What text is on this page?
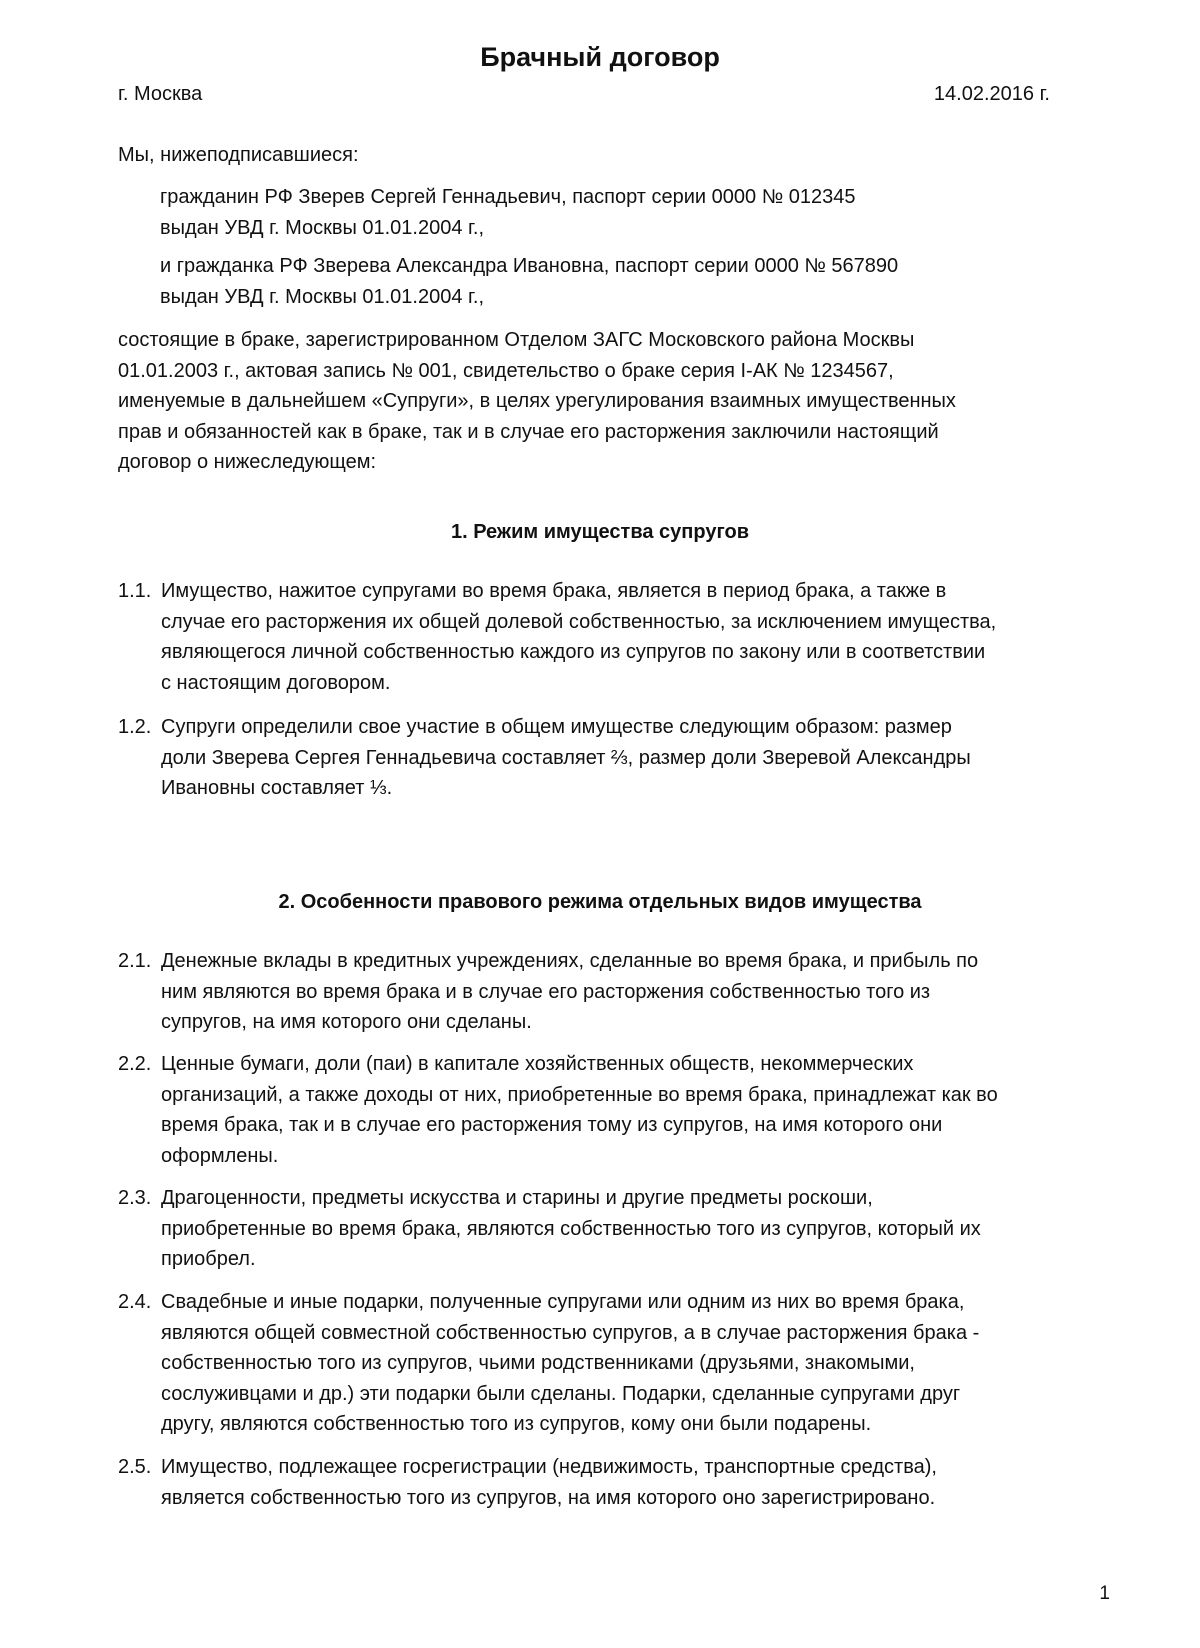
Брачный договор
г. Москва	14.02.2016 г.

Мы, нижеподписавшиеся:

гражданин РФ Зверев Сергей Геннадьевич, паспорт серии 0000 № 012345
выдан УВД г. Москвы 01.01.2004 г.,
и гражданка РФ Зверева Александра Ивановна, паспорт серии 0000 № 567890
выдан УВД г. Москвы 01.01.2004 г.,
состоящие в браке, зарегистрированном Отделом ЗАГС Московского района Москвы
01.01.2003 г., актовая запись № 001, свидетельство о браке серия I-АК № 1234567,
именуемые в дальнейшем «Супруги», в целях урегулирования взаимных имущественных
прав и обязанностей как в браке, так и в случае его расторжения заключили настоящий
договор о нижеследующем:
1. Режим имущества супругов
1.1. Имущество, нажитое супругами во время брака, является в период брака, а также в
случае его расторжения их общей долевой собственностью, за исключением имущества,
являющегося личной собственностью каждого из супругов по закону или в соответствии
с настоящим договором.
1.2. Супруги определили свое участие в общем имуществе следующим образом: размер
доли Зверева Сергея Геннадьевича составляет ⅔, размер доли Зверевой Александры
Ивановны составляет ⅓.
2. Особенности правового режима отдельных видов имущества
2.1. Денежные вклады в кредитных учреждениях, сделанные во время брака, и прибыль по
ним являются во время брака и в случае его расторжения собственностью того из
супругов, на имя которого они сделаны.
2.2. Ценные бумаги, доли (паи) в капитале хозяйственных обществ, некоммерческих
организаций, а также доходы от них, приобретенные во время брака, принадлежат как во
время брака, так и в случае его расторжения тому из супругов, на имя которого они
оформлены.
2.3. Драгоценности, предметы искусства и старины и другие предметы роскоши,
приобретенные во время брака, являются собственностью того из супругов, который их
приобрел.
2.4. Свадебные и иные подарки, полученные супругами или одним из них во время брака,
являются общей совместной собственностью супругов, а в случае расторжения брака -
собственностью того из супругов, чьими родственниками (друзьями, знакомыми,
сослуживцами и др.) эти подарки были сделаны. Подарки, сделанные супругами друг
другу, являются собственностью того из супругов, кому они были подарены.
2.5. Имущество, подлежащее госрегистрации (недвижимость, транспортные средства),
является собственностью того из супругов, на имя которого оно зарегистрировано.
1
